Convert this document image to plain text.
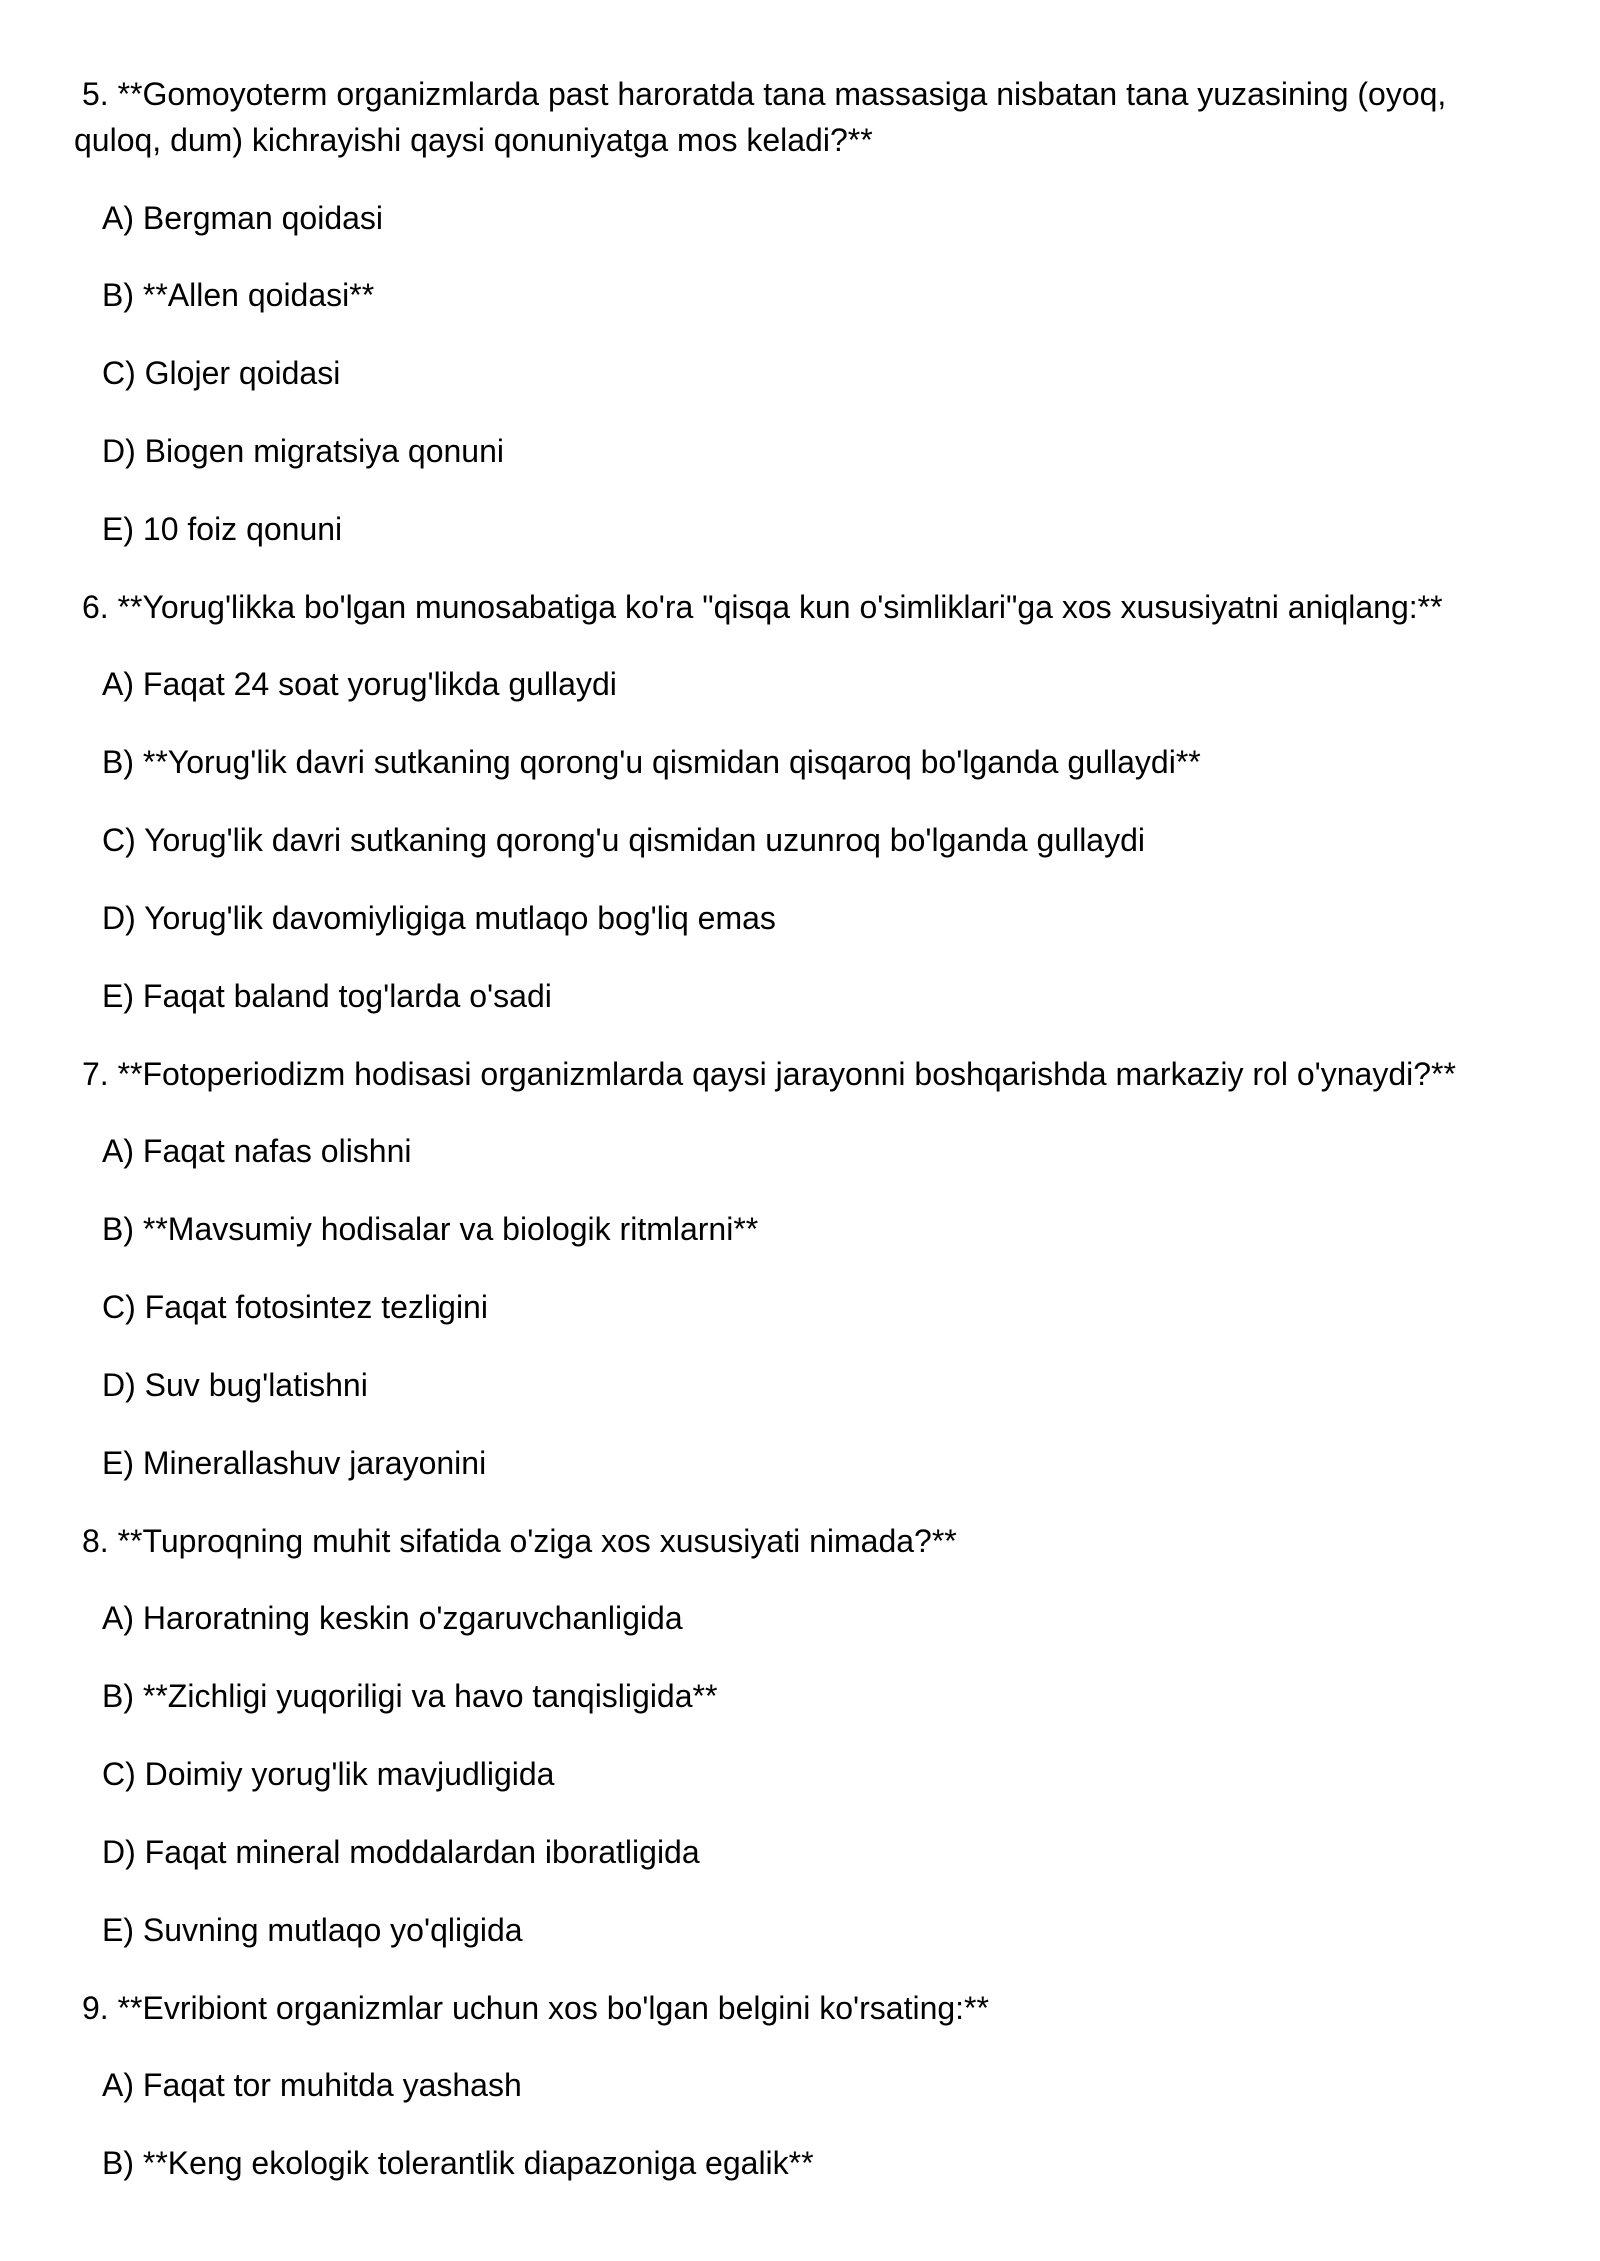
5. **Gomoyoterm organizmlarda past haroratda tana massasiga nisbatan tana yuzasining (oyoq,

quloq, dum) kichrayishi qaysi qonuniyatga mos keladi?**

A) Bergman qoidasi

B) **Allen qoidasi**

C) Glojer qoidasi

D) Biogen migratsiya qonuni

E) 10 foiz qonuni

6. **Yorug'likka bo'lgan munosabatiga ko'ra "qisqa kun o'simliklari"ga xos xususiyatni aniqlang:**

A) Faqat 24 soat yorug'likda gullaydi

B) **Yorug'lik davri sutkaning qorong'u qismidan qisqaroq bo'lganda gullaydi**

C) Yorug'lik davri sutkaning qorong'u qismidan uzunroq bo'lganda gullaydi

D) Yorug'lik davomiyligiga mutlaqo bog'liq emas

E) Faqat baland tog'larda o'sadi

7. **Fotoperiodizm hodisasi organizmlarda qaysi jarayonni boshqarishda markaziy rol o'ynaydi?**

A) Faqat nafas olishni

B) **Mavsumiy hodisalar va biologik ritmlarni**

C) Faqat fotosintez tezligini

D) Suv bug'latishni

E) Minerallashuv jarayonini

8. **Tuproqning muhit sifatida o'ziga xos xususiyati nimada?**

A) Haroratning keskin o'zgaruvchanligida

B) **Zichligi yuqoriligi va havo tanqisligida**

C) Doimiy yorug'lik mavjudligida

D) Faqat mineral moddalardan iboratligida

E) Suvning mutlaqo yo'qligida

9. **Evribiont organizmlar uchun xos bo'lgan belgini ko'rsating:**

A) Faqat tor muhitda yashash

B) **Keng ekologik tolerantlik diapazoniga egalik**
